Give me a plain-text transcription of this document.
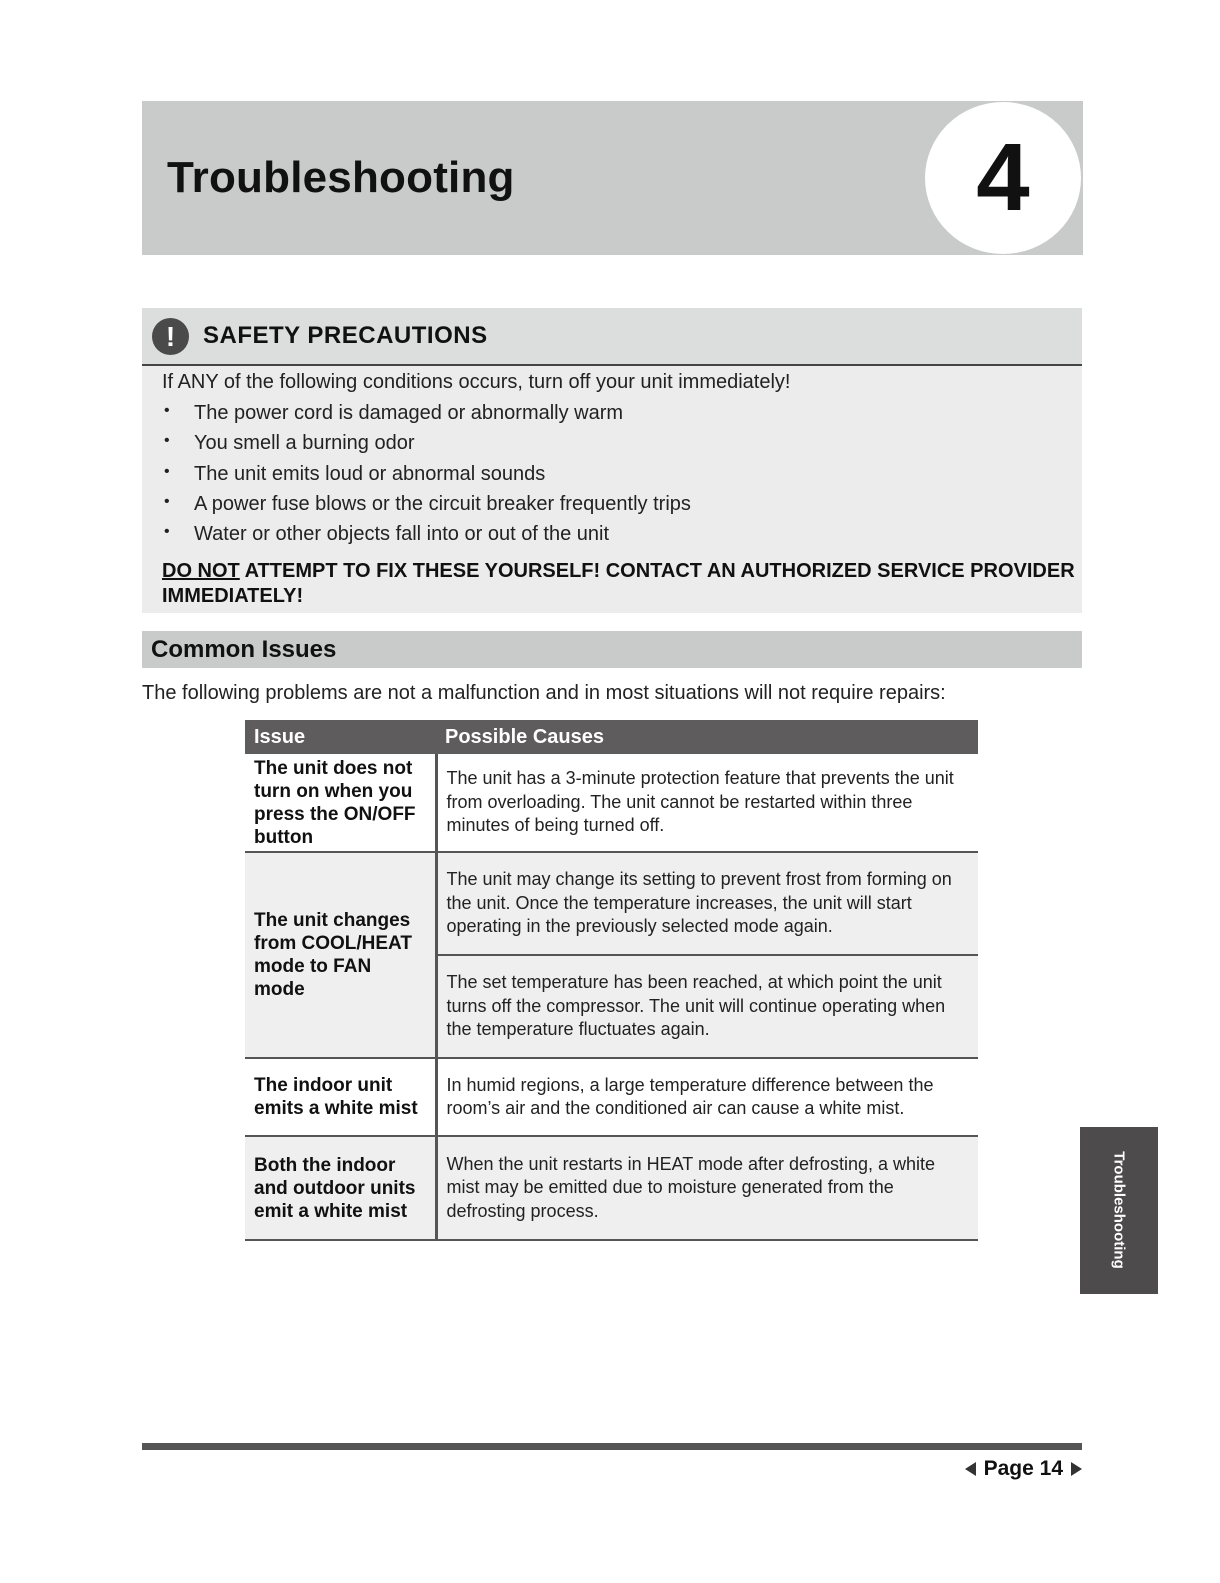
Troubleshooting	4
!	SAFETY PRECAUTIONS
If ANY of the following conditions occurs, turn off your unit immediately!
• The power cord is damaged or abnormally warm
• You smell a burning odor
• The unit emits loud or abnormal sounds
• A power fuse blows or the circuit breaker frequently trips
• Water or other objects fall into or out of the unit
DO NOT ATTEMPT TO FIX THESE YOURSELF! CONTACT AN AUTHORIZED SERVICE PROVIDER IMMEDIATELY!
Common Issues
The following problems are not a malfunction and in most situations will not require repairs:
Issue	Possible Causes
The unit does not turn on when you press the ON/OFF button	The unit has a 3-minute protection feature that prevents the unit from overloading. The unit cannot be restarted within three minutes of being turned off.
The unit changes from COOL/HEAT mode to FAN mode	The unit may change its setting to prevent frost from forming on the unit. Once the temperature increases, the unit will start operating in the previously selected mode again.
	The set temperature has been reached, at which point the unit turns off the compressor. The unit will continue operating when the temperature fluctuates again.
The indoor unit emits a white mist	In humid regions, a large temperature difference between the room’s air and the conditioned air can cause a white mist.
Both the indoor and outdoor units emit a white mist	When the unit restarts in HEAT mode after defrosting, a white mist may be emitted due to moisture generated from the defrosting process.	Troubleshooting
Page 14
